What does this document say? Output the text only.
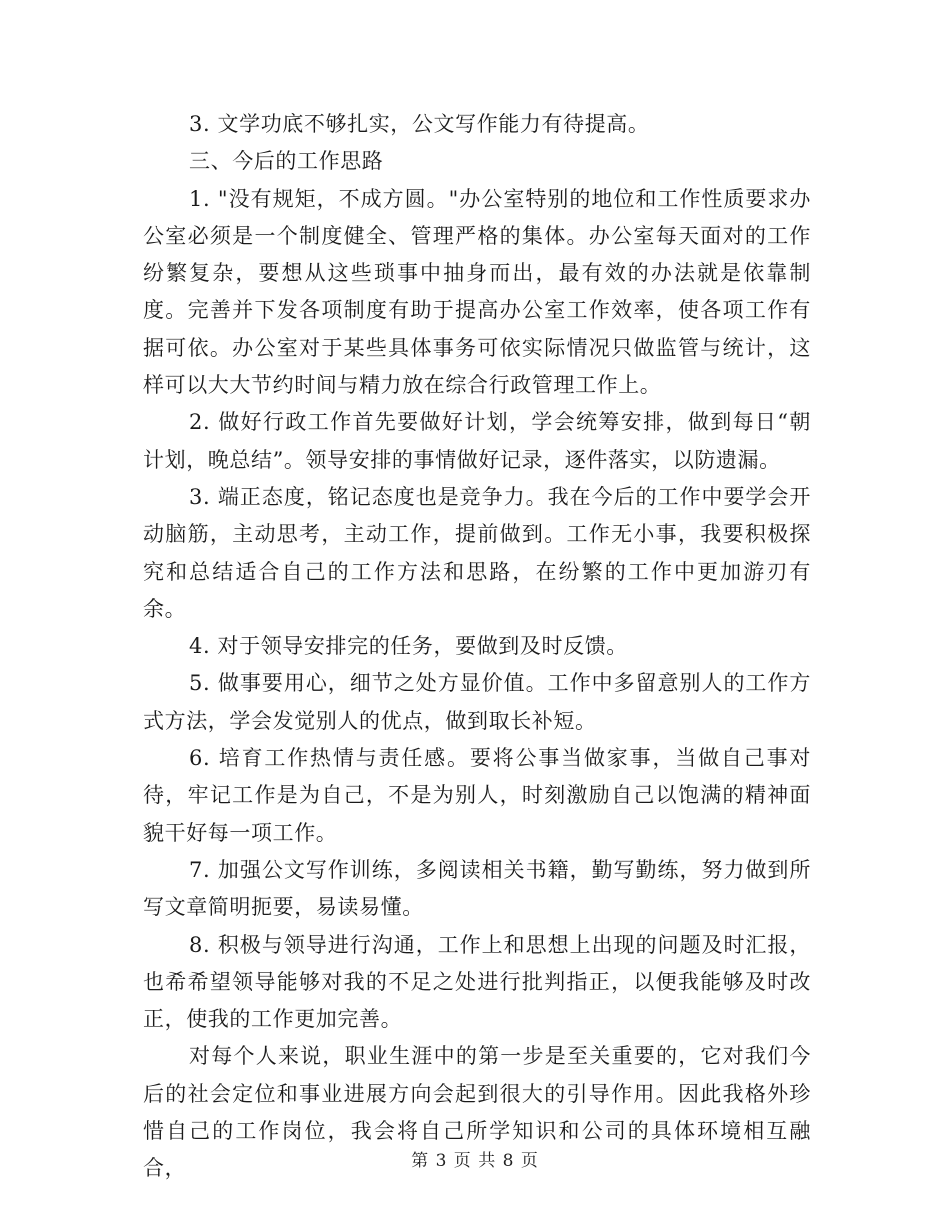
3. 文学功底不够扎实，公文写作能力有待提高。

三、今后的工作思路

1. "没有规矩，不成方圆。"办公室特别的地位和工作性质要求办公室必须是一个制度健全、管理严格的集体。办公室每天面对的工作纷繁复杂，要想从这些琐事中抽身而出，最有效的办法就是依靠制度。完善并下发各项制度有助于提高办公室工作效率，使各项工作有据可依。办公室对于某些具体事务可依实际情况只做监管与统计，这样可以大大节约时间与精力放在综合行政管理工作上。

2. 做好行政工作首先要做好计划，学会统筹安排，做到每日“朝计划，晚总结”。领导安排的事情做好记录，逐件落实，以防遗漏。

3. 端正态度，铭记态度也是竞争力。我在今后的工作中要学会开动脑筋，主动思考，主动工作，提前做到。工作无小事，我要积极探究和总结适合自己的工作方法和思路，在纷繁的工作中更加游刃有余。

4. 对于领导安排完的任务，要做到及时反馈。

5. 做事要用心，细节之处方显价值。工作中多留意别人的工作方式方法，学会发觉别人的优点，做到取长补短。

6. 培育工作热情与责任感。要将公事当做家事，当做自己事对待，牢记工作是为自己，不是为别人，时刻激励自己以饱满的精神面貌干好每一项工作。

7. 加强公文写作训练，多阅读相关书籍，勤写勤练，努力做到所写文章简明扼要，易读易懂。

8. 积极与领导进行沟通，工作上和思想上出现的问题及时汇报，也希希望领导能够对我的不足之处进行批判指正，以便我能够及时改正，使我的工作更加完善。

对每个人来说，职业生涯中的第一步是至关重要的，它对我们今后的社会定位和事业进展方向会起到很大的引导作用。因此我格外珍惜自己的工作岗位，我会将自己所学知识和公司的具体环境相互融合，	第 3 页 共 8 页
